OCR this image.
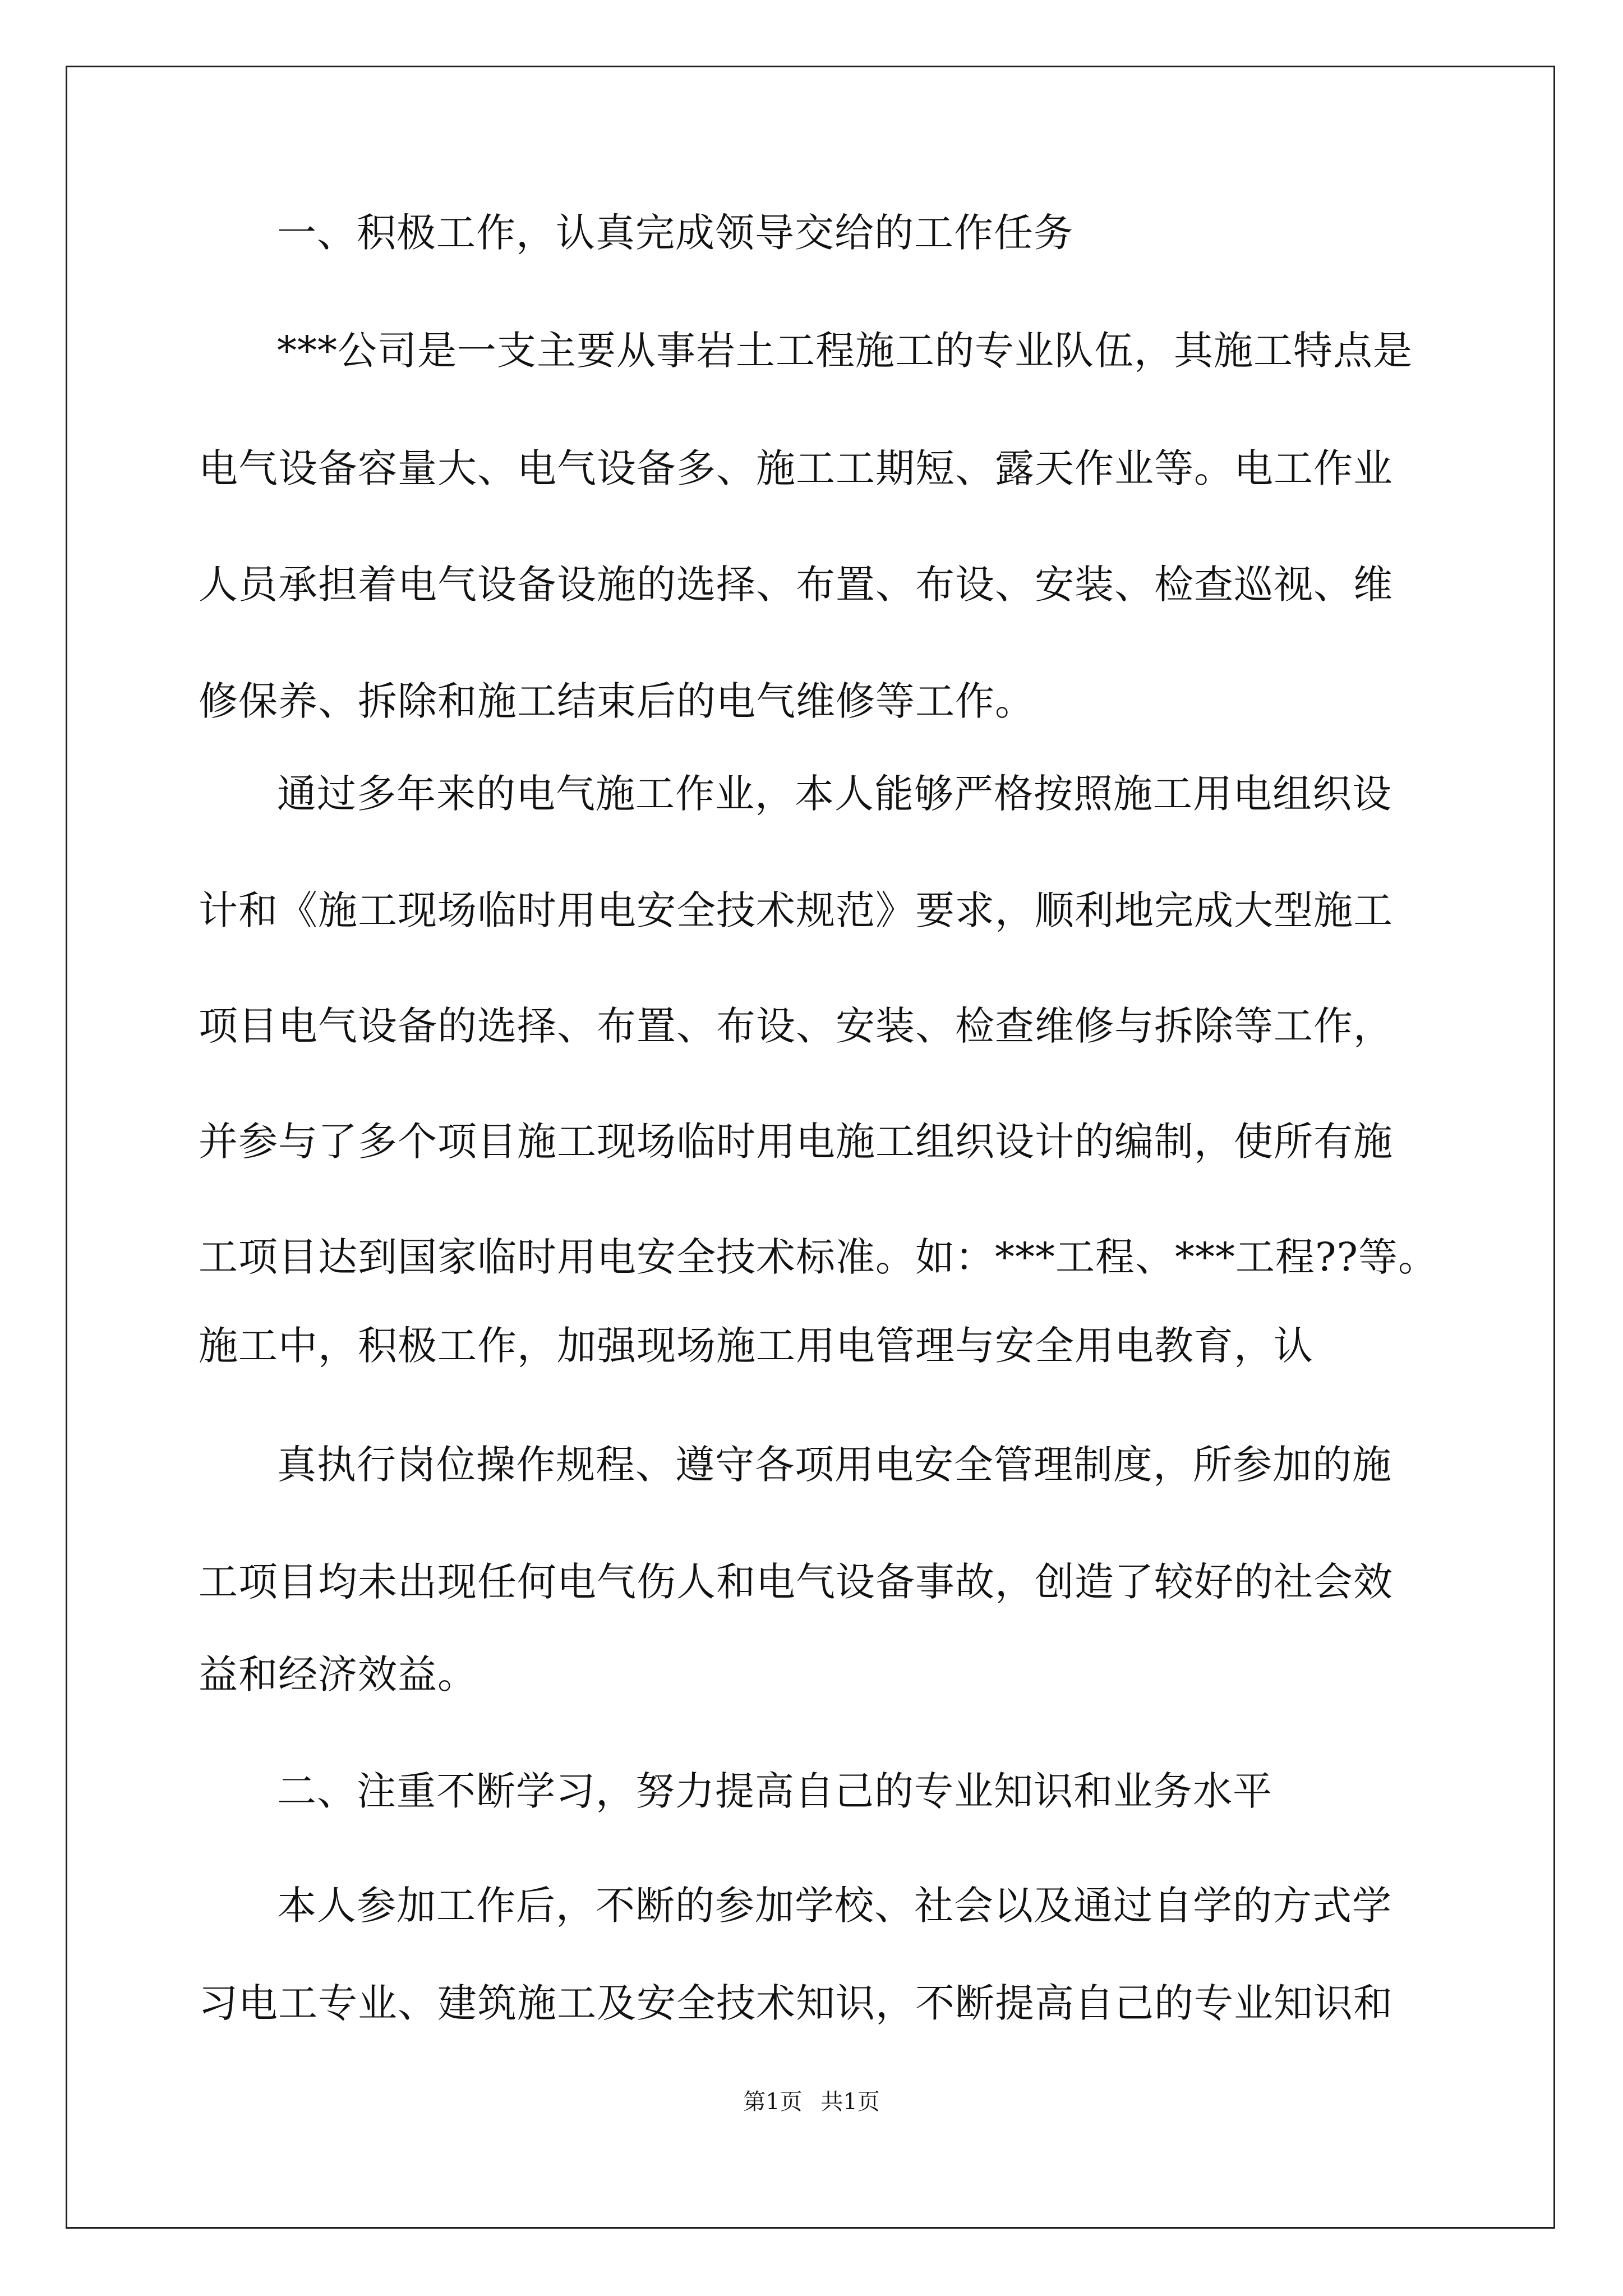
一、积极工作，认真完成领导交给的工作任务
***公司是一支主要从事岩土工程施工的专业队伍，其施工特点是
电气设备容量大、电气设备多、施工工期短、露天作业等。电工作业
人员承担着电气设备设施的选择、布置、布设、安装、检查巡视、维
修保养、拆除和施工结束后的电气维修等工作。
通过多年来的电气施工作业，本人能够严格按照施工用电组织设
计和《施工现场临时用电安全技术规范》要求，顺利地完成大型施工
项目电气设备的选择、布置、布设、安装、检查维修与拆除等工作，
并参与了多个项目施工现场临时用电施工组织设计的编制，使所有施
工项目达到国家临时用电安全技术标准。如：***工程、***工程??等。
施工中，积极工作，加强现场施工用电管理与安全用电教育，认
真执行岗位操作规程、遵守各项用电安全管理制度，所参加的施
工项目均未出现任何电气伤人和电气设备事故，创造了较好的社会效
益和经济效益。
二、注重不断学习，努力提高自己的专业知识和业务水平
本人参加工作后，不断的参加学校、社会以及通过自学的方式学
习电工专业、建筑施工及安全技术知识，不断提高自己的专业知识和
第1页 共1页
